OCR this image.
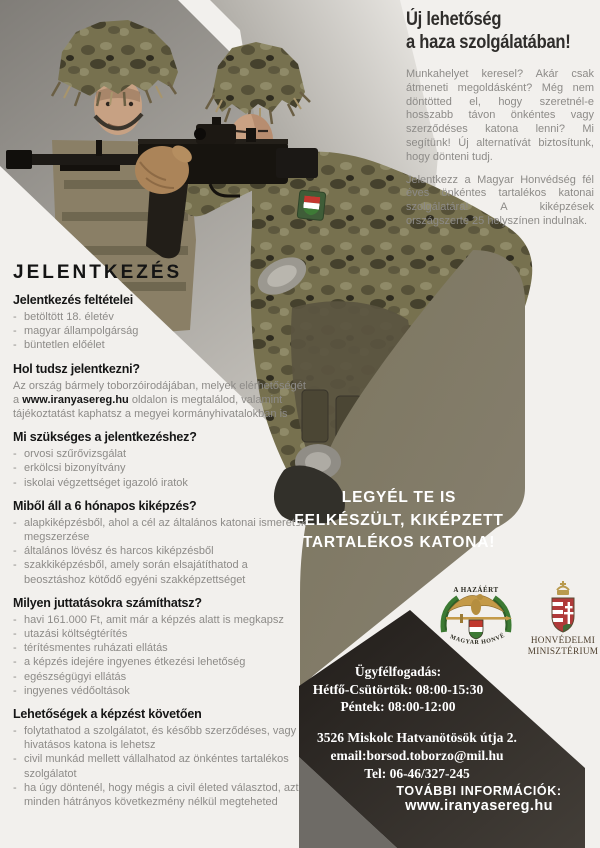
A HAZÁÉRT
MAGYAR HONVÉDSÉG
HONVÉDELMI
MINISZTÉRIUM
Új lehetőség
a haza szolgálatában!

Munkahelyet keresel? Akár csak átmeneti megoldásként? Még nem döntötted el, hogy szeretnél-e hosszabb távon önkéntes vagy szerződéses katona lenni? Mi segítünk! Új alternatívát biztosítunk, hogy dönteni tudj.

Jelentkezz a Magyar Honvédség fél éves önkéntes tartalékos katonai szolgálatára! A kiképzések országszerte 25 helyszínen indulnak.

JELENTKEZÉS
Jelentkezés feltételei
- betöltött 18. életév
- magyar állampolgárság
- büntetlen előélet
Hol tudsz jelentkezni?

Az ország bármely toborzóirodájában, melyek elérhetőségét a www.iranyasereg.hu oldalon is megtalálod, valamint tájékoztatást kaphatsz a megyei kormányhivatalokban is

Mi szükséges a jelentkezéshez?
- orvosi szűrővizsgálat
- erkölcsi bizonyítvány
- iskolai végzettséget igazoló iratok
Miből áll a 6 hónapos kiképzés?
- alapkiképzésből, ahol a cél az általános katonai ismeretek megszerzése
- általános lövész és harcos kiképzésből
- szakkiképzésből, amely során elsajátíthatod a beosztáshoz kötődő egyéni szakképzettséget
Milyen juttatásokra számíthatsz?
- havi 161.000 Ft, amit már a képzés alatt is megkapsz
- utazási költségtérítés
- térítésmentes ruházati ellátás
- a képzés idejére ingyenes étkezési lehetőség
- egészségügyi ellátás
- ingyenes védőoltások
Lehetőségek a képzést követően
- folytathatod a szolgálatot, és később szerződéses, vagy hivatásos katona is lehetsz
- civil munkád mellett vállalhatod az önkéntes tartalékos szolgálatot
- ha úgy döntenél, hogy mégis a civil életed választod, azt minden hátrányos következmény nélkül megteheted
LEGYÉL TE IS
FELKÉSZÜLT, KIKÉPZETT
TARTALÉKOS KATONA!
Ügyfélfogadás:
Hétfő-Csütörtök: 08:00-15:30
Péntek: 08:00-12:00
3526 Miskolc Hatvanötösök útja 2.
email:borsod.toborzo@mil.hu
Tel: 06-46/327-245
TOVÁBBI INFORMÁCIÓK:
www.iranyasereg.hu
